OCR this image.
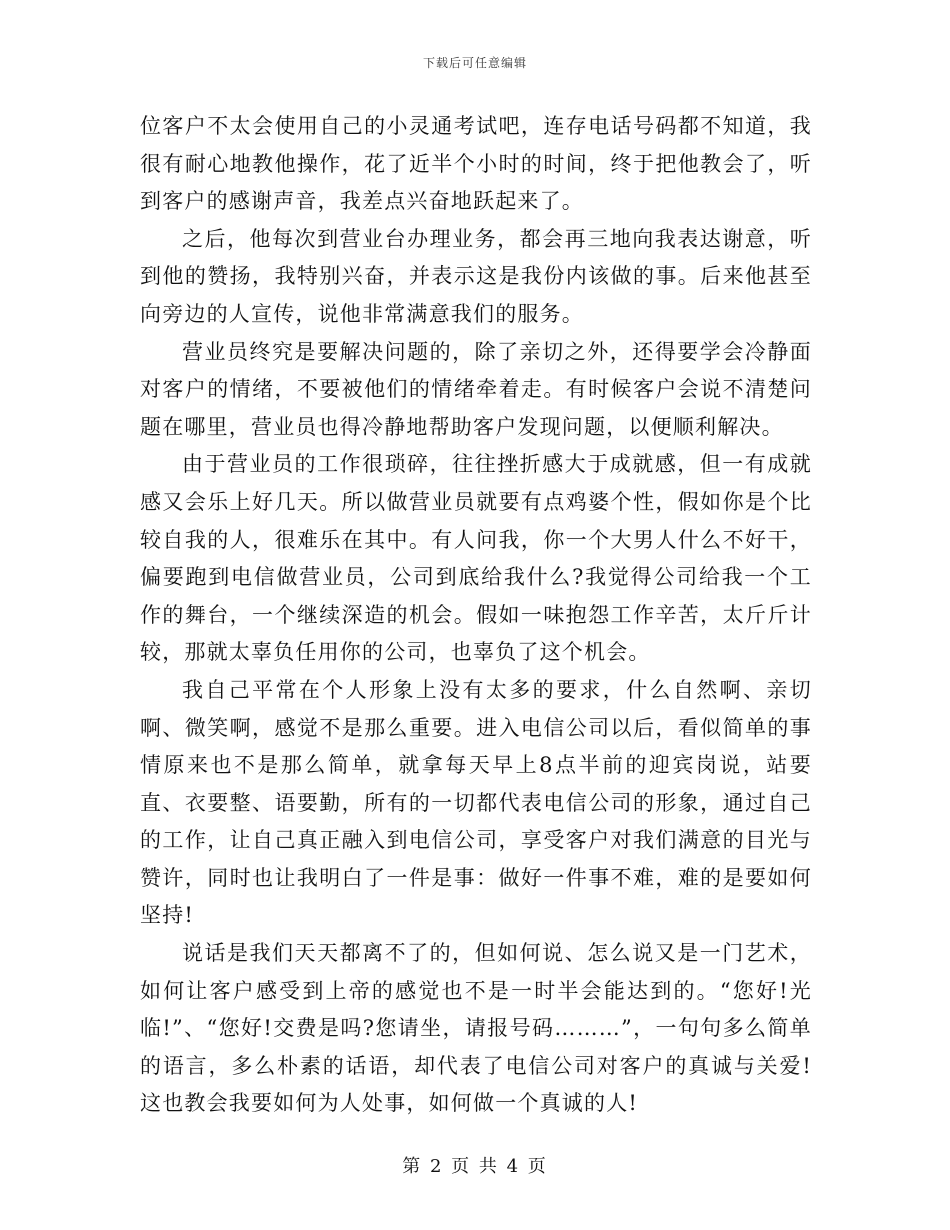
下载后可任意编辑

位客户不太会使用自己的小灵通考试吧，连存电话号码都不知道，我很有耐心地教他操作，花了近半个小时的时间，终于把他教会了，听到客户的感谢声音，我差点兴奋地跃起来了。

之后，他每次到营业台办理业务，都会再三地向我表达谢意，听到他的赞扬，我特别兴奋，并表示这是我份内该做的事。后来他甚至向旁边的人宣传，说他非常满意我们的服务。

营业员终究是要解决问题的，除了亲切之外，还得要学会冷静面对客户的情绪，不要被他们的情绪牵着走。有时候客户会说不清楚问题在哪里，营业员也得冷静地帮助客户发现问题，以便顺利解决。

由于营业员的工作很琐碎，往往挫折感大于成就感，但一有成就感又会乐上好几天。所以做营业员就要有点鸡婆个性，假如你是个比较自我的人，很难乐在其中。有人问我，你一个大男人什么不好干，偏要跑到电信做营业员，公司到底给我什么?我觉得公司给我一个工作的舞台，一个继续深造的机会。假如一味抱怨工作辛苦，太斤斤计较，那就太辜负任用你的公司，也辜负了这个机会。

我自己平常在个人形象上没有太多的要求，什么自然啊、亲切啊、微笑啊，感觉不是那么重要。进入电信公司以后，看似简单的事情原来也不是那么简单，就拿每天早上8点半前的迎宾岗说，站要直、衣要整、语要勤，所有的一切都代表电信公司的形象，通过自己的工作，让自己真正融入到电信公司，享受客户对我们满意的目光与赞许，同时也让我明白了一件是事：做好一件事不难，难的是要如何坚持!

说话是我们天天都离不了的，但如何说、怎么说又是一门艺术，如何让客户感受到上帝的感觉也不是一时半会能达到的。“您好!光临!”、“您好!交费是吗?您请坐，请报号码………”，一句句多么简单的语言，多么朴素的话语，却代表了电信公司对客户的真诚与关爱!这也教会我要如何为人处事，如何做一个真诚的人!

第 2 页 共 4 页
